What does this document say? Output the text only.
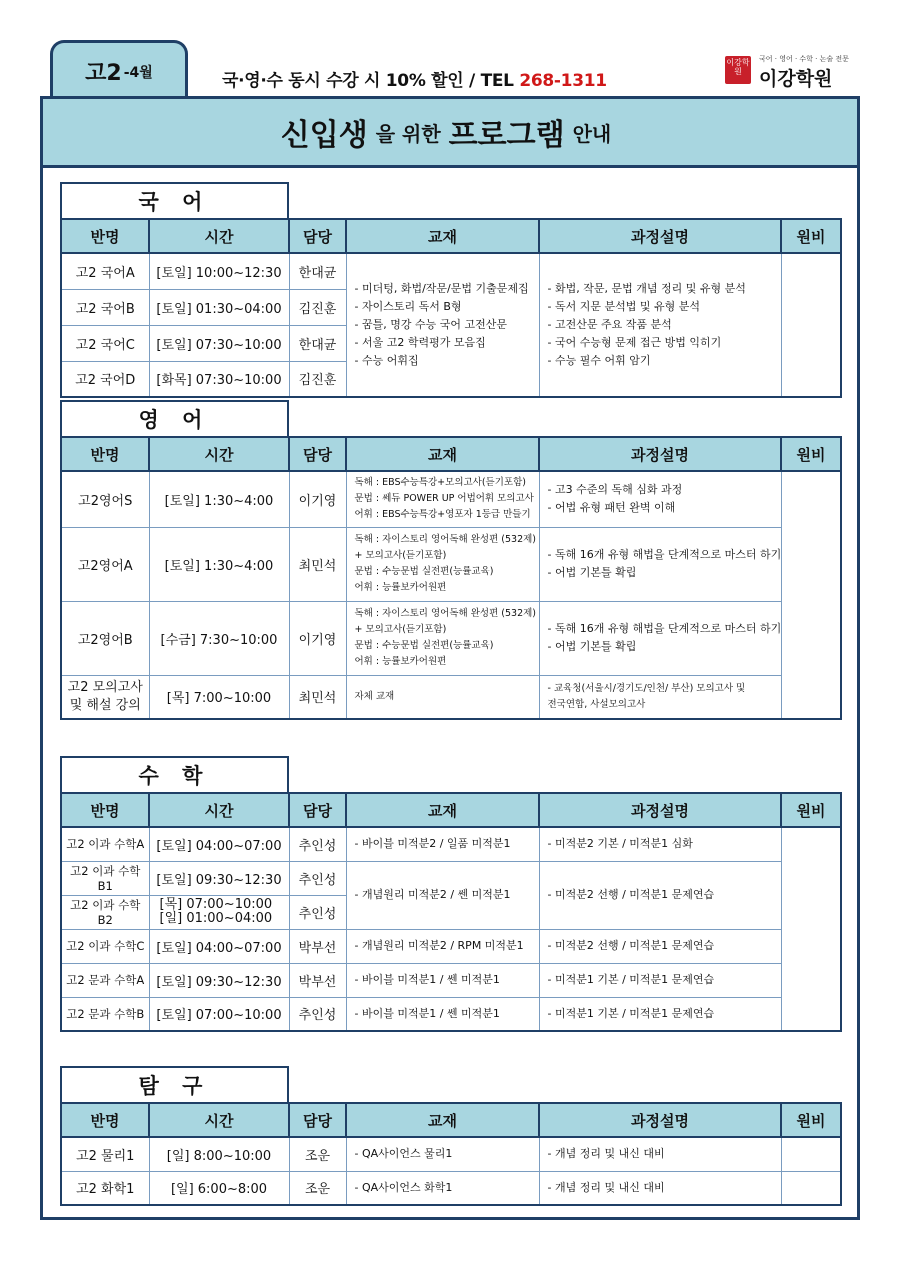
고2 -4월	국·영·수 동시 수강 시 10% 할인 / TEL 268-1311
이강학원
국어 · 영어 · 수학 · 논술 전문
이강학원
신입생 을 위한 프로그램 안내
국 어
반명	시간	담당	교재	과정설명	원비
고2 국어A	[토일] 10:00~12:30	한대균	- 미더텅, 화법/작문/문법 기출문제집
- 자이스토리 독서 B형
- 꿈틀, 명강 수능 국어 고전산문
- 서울 고2 학력평가 모음집
- 수능 어휘집	- 화법, 작문, 문법 개념 정리 및 유형 분석
- 독서 지문 분석법 및 유형 분석
- 고전산문 주요 작품 분석
- 국어 수능형 문제 접근 방법 익히기
- 수능 필수 어휘 암기	

고2 국어B	[토일] 01:30~04:00	김진훈			
고2 국어C	[토일] 07:30~10:00	한대균			
고2 국어D	[화목] 07:30~10:00	김진훈			
영 어
반명	시간	담당	교재	과정설명	원비
고2영어S	[토일] 1:30~4:00	이기영	독해 : EBS수능특강+모의고사(듣기포함)
문법 : 쎄듀 POWER UP 어법어휘 모의고사
어휘 : EBS수능특강+영포자 1등급 만들기	- 고3 수준의 독해 심화 과정
- 어법 유형 패턴 완벽 이해	

고2영어A	[토일] 1:30~4:00	최민석	독해 : 자이스토리 영어독해 완성편 (532제)
+ 모의고사(듣기포함)
문법 : 수능문법 실전편(능률교육)
어휘 : 능률보카어원편	- 독해 16개 유형 해법을 단계적으로 마스터 하기
- 어법 기본틀 확립	

고2영어B	[수금] 7:30~10:00	이기영	독해 : 자이스토리 영어독해 완성편 (532제)
+ 모의고사(듣기포함)
문법 : 수능문법 실전편(능률교육)
어휘 : 능률보카어원편	- 독해 16개 유형 해법을 단계적으로 마스터 하기
- 어법 기본틀 확립	

고2 모의고사
및 해설 강의	[목] 7:00~10:00	최민석	자체 교재	- 교육청(서울시/경기도/인천/ 부산) 모의고사 및
전국연합, 사설모의고사	
수 학
반명	시간	담당	교재	과정설명	원비
고2 이과 수학A	[토일] 04:00~07:00	추인성	- 바이블 미적분2 / 일품 미적분1	- 미적분2 기본 / 미적분1 심화	
고2 이과 수학B1	[토일] 09:30~12:30	추인성	- 개념원리 미적분2 / 쎈 미적분1	- 미적분2 선행 / 미적분1 문제연습	
고2 이과 수학B2	[목] 07:00~10:00
[일] 01:00~04:00	추인성			
고2 이과 수학C	[토일] 04:00~07:00	박부선	- 개념원리 미적분2 / RPM 미적분1	- 미적분2 선행 / 미적분1 문제연습	
고2 문과 수학A	[토일] 09:30~12:30	박부선	- 바이블 미적분1 / 쎈 미적분1	- 미적분1 기본 / 미적분1 문제연습	
고2 문과 수학B	[토일] 07:00~10:00	추인성	- 바이블 미적분1 / 쎈 미적분1	- 미적분1 기본 / 미적분1 문제연습	
탐 구
반명	시간	담당	교재	과정설명	원비
고2 물리1	[일] 8:00~10:00	조운	- QA사이언스 물리1	- 개념 정리 및 내신 대비	
고2 화학1	[일] 6:00~8:00	조운	- QA사이언스 화학1	- 개념 정리 및 내신 대비	
